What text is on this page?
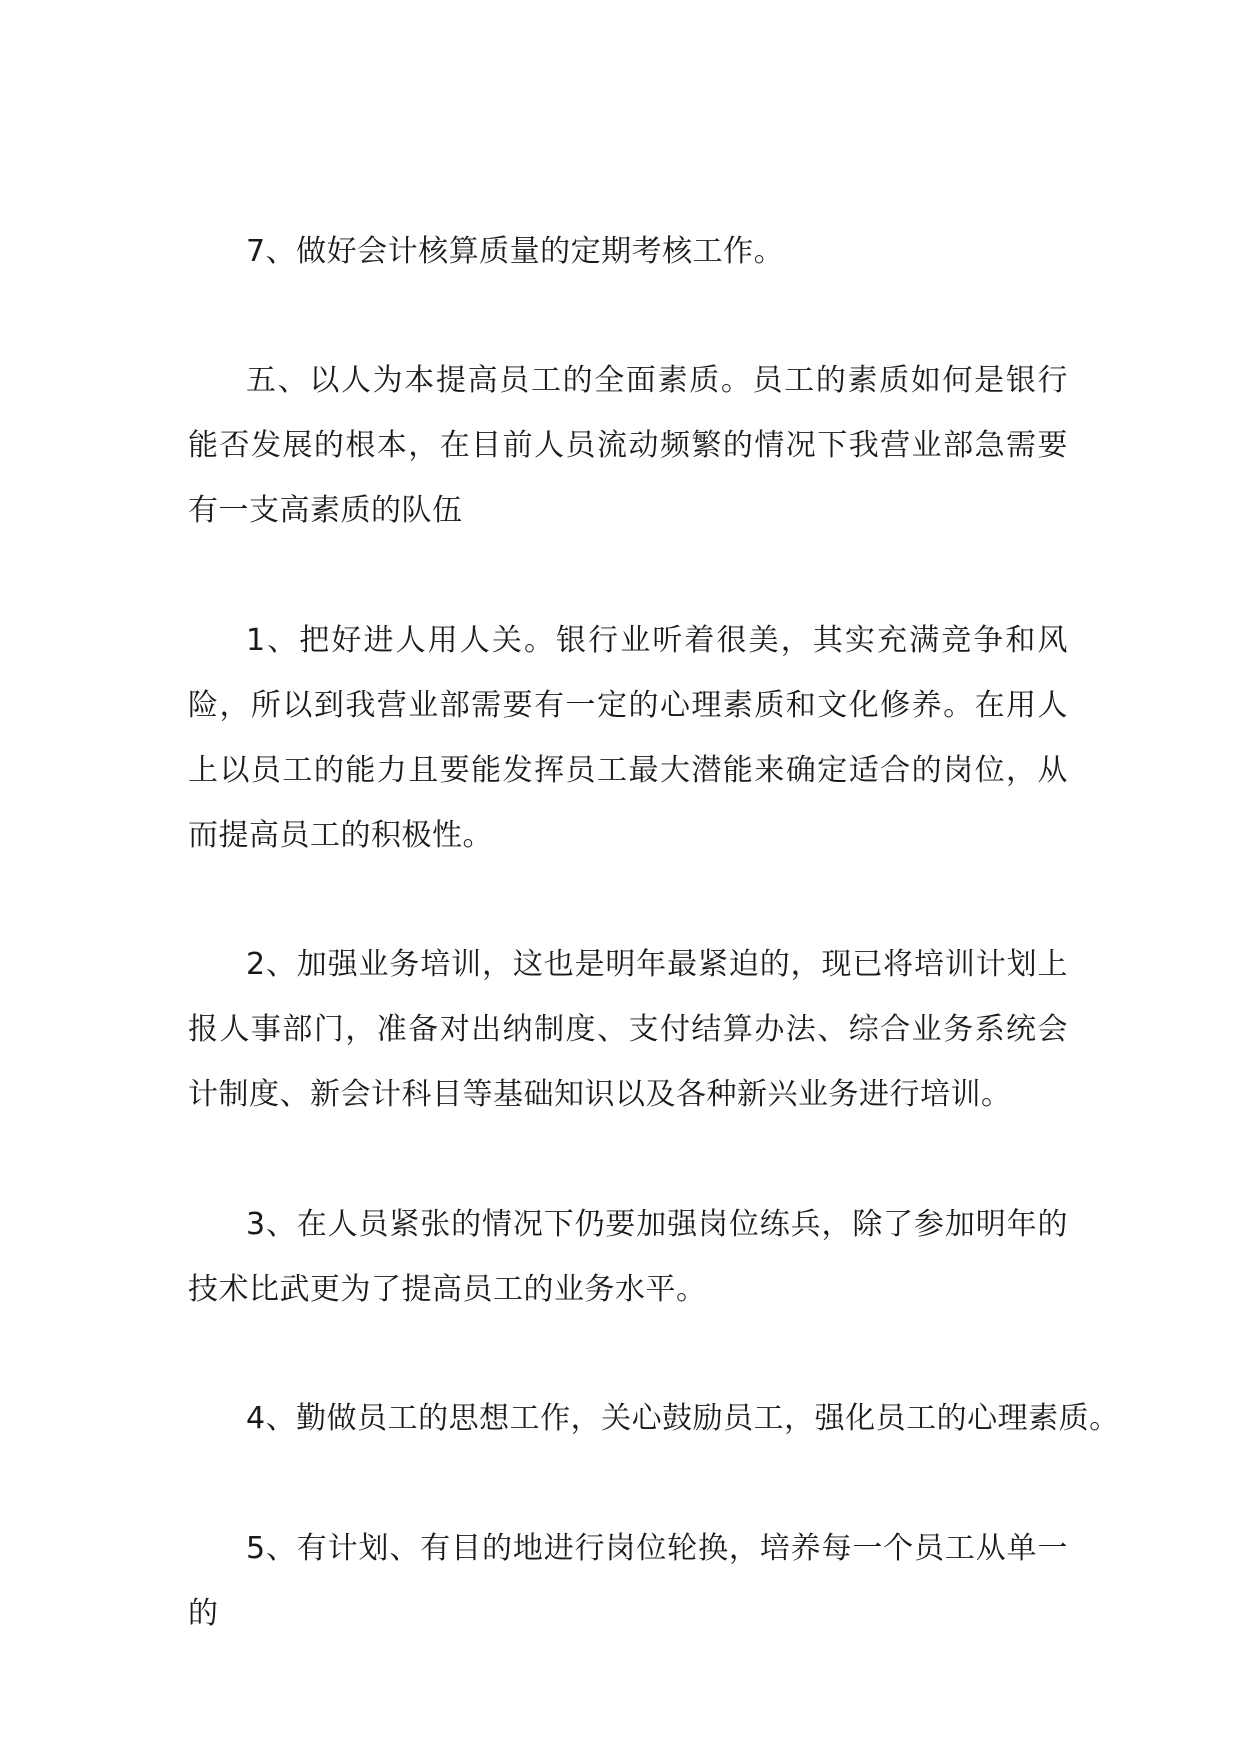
7、做好会计核算质量的定期考核工作。

五、以人为本提高员工的全面素质。员工的素质如何是银行能否发展的根本，在目前人员流动频繁的情况下我营业部急需要有一支高素质的队伍

1、把好进人用人关。银行业听着很美，其实充满竞争和风险，所以到我营业部需要有一定的心理素质和文化修养。在用人上以员工的能力且要能发挥员工最大潜能来确定适合的岗位，从而提高员工的积极性。

2、加强业务培训，这也是明年最紧迫的，现已将培训计划上报人事部门，准备对出纳制度、支付结算办法、综合业务系统会计制度、新会计科目等基础知识以及各种新兴业务进行培训。

3、在人员紧张的情况下仍要加强岗位练兵，除了参加明年的技术比武更为了提高员工的业务水平。

4、勤做员工的思想工作，关心鼓励员工，强化员工的心理素质。

5、有计划、有目的地进行岗位轮换，培养每一个员工从单一的
